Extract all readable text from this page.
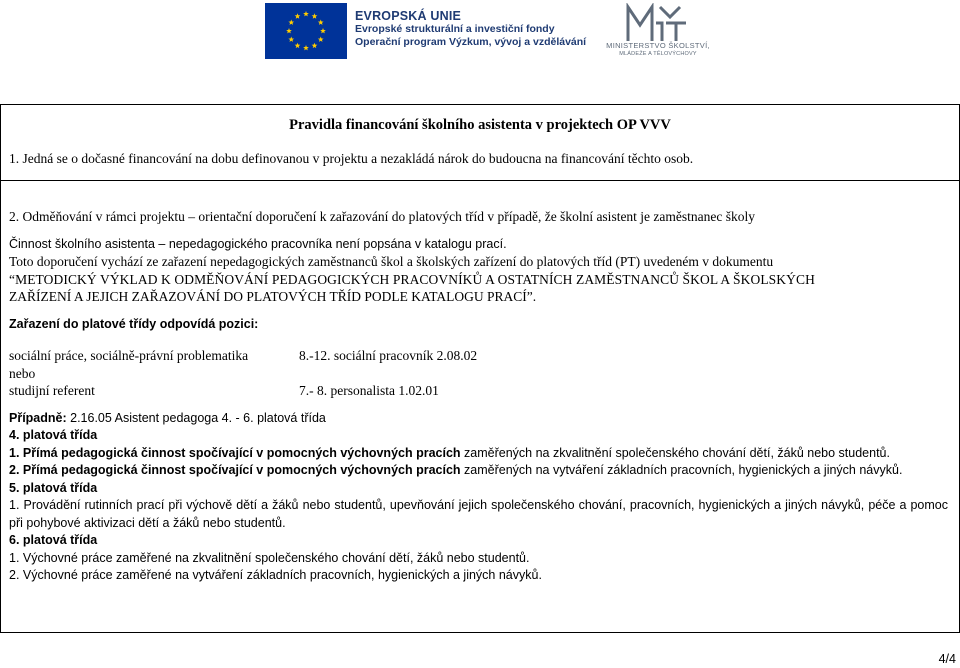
EVROPSKÁ UNIE
Evropské strukturální a investiční fondy
Operační program Výzkum, vývoj a vzdělávání	MINISTERSTVO ŠKOLSTVÍ,
MLÁDEŽE A TĚLOVÝCHOVY
Pravidla financování školního asistenta v projektech OP VVV
1. Jedná se o dočasné financování na dobu definovanou v projektu a nezakládá nárok do budoucna na financování těchto osob.

2. Odměňování v rámci projektu – orientační doporučení k zařazování do platových tříd v případě, že školní asistent je zaměstnanec školy

Činnost školního asistenta – nepedagogického pracovníka není popsána v katalogu prací.

Toto doporučení vychází ze zařazení nepedagogických zaměstnanců škol a školských zařízení do platových tříd (PT) uvedeném v dokumentu

“METODICKÝ VÝKLAD K ODMĚŇOVÁNÍ PEDAGOGICKÝCH PRACOVNÍKŮ A OSTATNÍCH ZAMĚSTNANCŮ ŠKOL A ŠKOLSKÝCH

ZAŘÍZENÍ A JEJICH ZAŘAZOVÁNÍ DO PLATOVÝCH TŘÍD PODLE KATALOGU PRACÍ”.

Zařazení do platové třídy odpovídá pozici:

sociální práce, sociálně-právní problematika	8.-12. sociální pracovník 2.08.02

nebo

studijní referent	7.- 8. personalista 1.02.01

Případně: 2.16.05 Asistent pedagoga 4. - 6. platová třída

4. platová třída

1. Přímá pedagogická činnost spočívající v pomocných výchovných pracích zaměřených na zkvalitnění společenského chování dětí, žáků nebo studentů.

2. Přímá pedagogická činnost spočívající v pomocných výchovných pracích zaměřených na vytváření základních pracovních, hygienických a jiných návyků.

5. platová třída

1. Provádění rutinních prací při výchově dětí a žáků nebo studentů, upevňování jejich společenského chování, pracovních, hygienických a jiných návyků, péče a pomoc při pohybové aktivizaci dětí a žáků nebo studentů.

6. platová třída

1. Výchovné práce zaměřené na zkvalitnění společenského chování dětí, žáků nebo studentů.

2. Výchovné práce zaměřené na vytváření základních pracovních, hygienických a jiných návyků.

4/4
